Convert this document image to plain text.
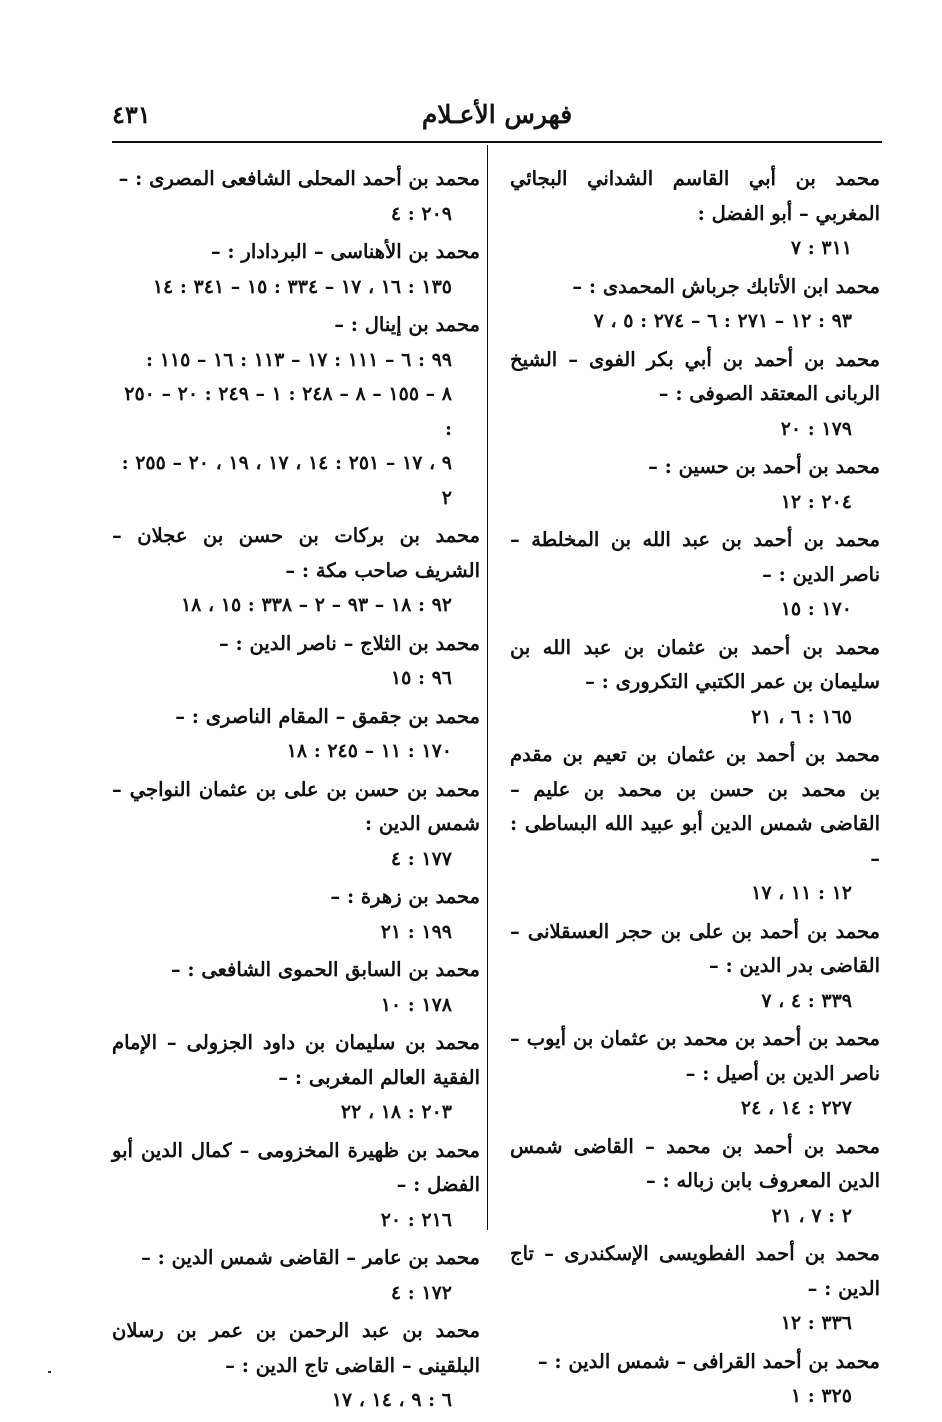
٤٣١	فهرس الأعـلام
محمد بن أبي القاسم الشداني البجائي المغربي – أبو الفضل :
٣١١ : ٧
محمد ابن الأتابك جرباش المحمدى : –
٩٣ : ١٢ – ٢٧١ : ٦ – ٢٧٤ : ٥ ، ٧
محمد بن أحمد بن أبي بكر الفوى – الشيخ الربانى المعتقد الصوفى : –
١٧٩ : ٢٠
محمد بن أحمد بن حسين : –
٢٠٤ : ١٢
محمد بن أحمد بن عبد الله بن المخلطة – ناصر الدين : –
١٧٠ : ١٥
محمد بن أحمد بن عثمان بن عبد الله بن سليمان بن عمر الكتبي التكرورى : –
١٦٥ : ٦ ، ٢١
محمد بن أحمد بن عثمان بن تعيم بن مقدم بن محمد بن حسن بن محمد بن عليم – القاضى شمس الدين أبو عبيد الله البساطى : –
١٢ : ١١ ، ١٧
محمد بن أحمد بن على بن حجر العسقلانى – القاضى بدر الدين : –
٣٣٩ : ٤ ، ٧
محمد بن أحمد بن محمد بن عثمان بن أيوب – ناصر الدين بن أصيل : –
٢٢٧ : ١٤ ، ٢٤
محمد بن أحمد بن محمد – القاضى شمس الدين المعروف بابن زباله : –
٢ : ٧ ، ٢١
محمد بن أحمد الفطويسى الإسكندرى – تاج الدين : –
٣٣٦ : ١٢
محمد بن أحمد القرافى – شمس الدين : –
٣٢٥ : ١
محمد بن أحمد المحلى الشافعى المصرى : –
٢٠٩ : ٤
محمد بن الأهناسى – البردادار : –
١٣٥ : ١٦ ، ١٧ – ٣٣٤ : ١٥ – ٣٤١ : ١٤
محمد بن إينال : –
٩٩ : ٦ – ١١١ : ١٧ – ١١٣ : ١٦ – ١١٥ :
٨ – ١٥٥ – ٨ – ٢٤٨ : ١ – ٢٤٩ : ٢٠ – ٢٥٠ :
٩ ، ١٧ – ٢٥١ : ١٤ ، ١٧ ، ١٩ ، ٢٠ – ٢٥٥ : ٢
محمد بن بركات بن حسن بن عجلان – الشريف صاحب مكة : –
٩٢ : ١٨ – ٩٣ – ٢ – ٣٣٨ : ١٥ ، ١٨
محمد بن الثلاج – ناصر الدين : –
٩٦ : ١٥
محمد بن جقمق – المقام الناصرى : –
١٧٠ : ١١ – ٢٤٥ : ١٨
محمد بن حسن بن على بن عثمان النواجي – شمس الدين :
١٧٧ : ٤
محمد بن زهرة : –
١٩٩ : ٢١
محمد بن السابق الحموى الشافعى : –
١٧٨ : ١٠
محمد بن سليمان بن داود الجزولى – الإمام الفقية العالم المغربى : –
٢٠٣ : ١٨ ، ٢٢
محمد بن ظهيرة المخزومى – كمال الدين أبو الفضل : –
٢١٦ : ٢٠
محمد بن عامر – القاضى شمس الدين : –
١٧٢ : ٤
محمد بن عبد الرحمن بن عمر بن رسلان البلقينى – القاضى تاج الدين : –
٦ : ٩ ، ١٤ ، ١٧
